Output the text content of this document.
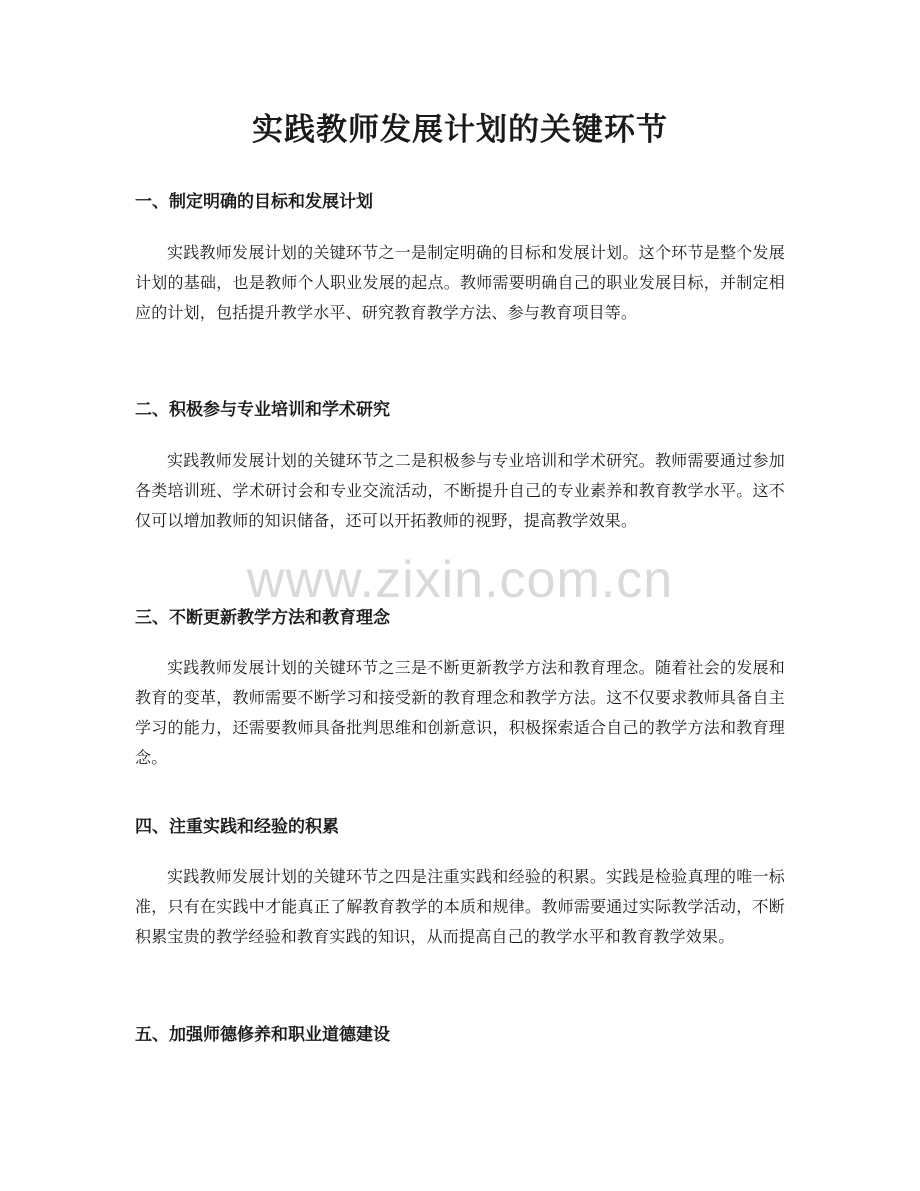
实践教师发展计划的关键环节
一、制定明确的目标和发展计划

实践教师发展计划的关键环节之一是制定明确的目标和发展计划。这个环节是整个发展计划的基础，也是教师个人职业发展的起点。教师需要明确自己的职业发展目标，并制定相应的计划，包括提升教学水平、研究教育教学方法、参与教育项目等。

二、积极参与专业培训和学术研究

实践教师发展计划的关键环节之二是积极参与专业培训和学术研究。教师需要通过参加各类培训班、学术研讨会和专业交流活动，不断提升自己的专业素养和教育教学水平。这不仅可以增加教师的知识储备，还可以开拓教师的视野，提高教学效果。

三、不断更新教学方法和教育理念

实践教师发展计划的关键环节之三是不断更新教学方法和教育理念。随着社会的发展和教育的变革，教师需要不断学习和接受新的教育理念和教学方法。这不仅要求教师具备自主学习的能力，还需要教师具备批判思维和创新意识，积极探索适合自己的教学方法和教育理念。

四、注重实践和经验的积累

实践教师发展计划的关键环节之四是注重实践和经验的积累。实践是检验真理的唯一标准，只有在实践中才能真正了解教育教学的本质和规律。教师需要通过实际教学活动，不断积累宝贵的教学经验和教育实践的知识，从而提高自己的教学水平和教育教学效果。

五、加强师德修养和职业道德建设
www.zixin.com.cn
